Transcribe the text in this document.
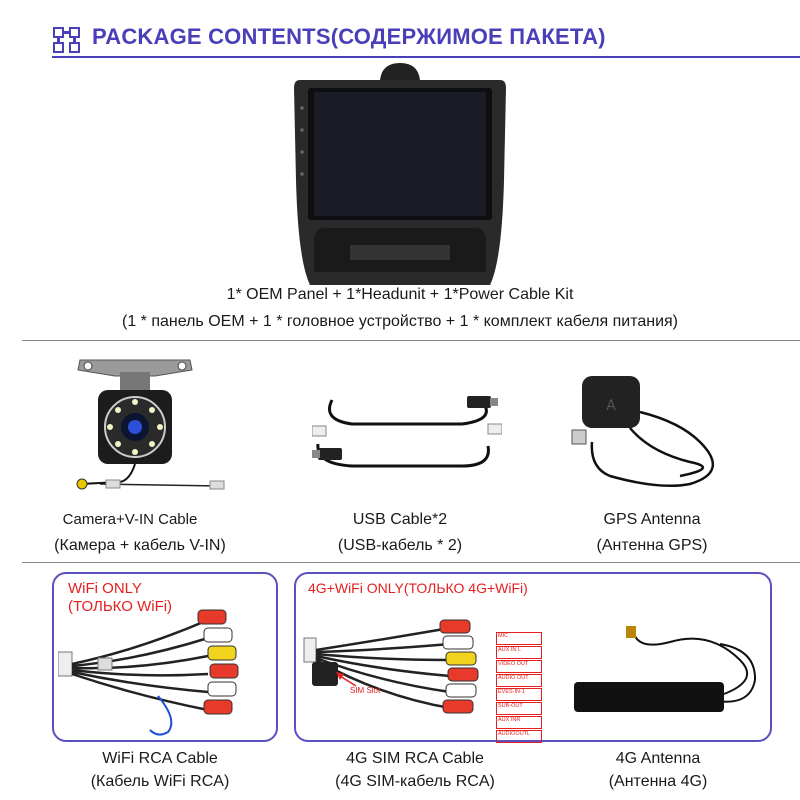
PACKAGE CONTENTS(СОДЕРЖИМОЕ ПАКЕТА)
1* OEM Panel + 1*Headunit + 1*Power Cable Kit
(1 * панель OEM + 1 * головное устройство + 1 * комплект кабеля питания)
A
Camera+V-IN Cable
(Камера + кабель V-IN)
USB Cable*2
(USB-кабель * 2)
GPS Antenna
(Антенна GPS)
WiFi ONLY
(ТОЛЬКО WiFi)
4G+WiFi ONLY(ТОЛЬКО 4G+WiFi)
SIM Slot
MIC
AUX IN L
VIDEO OUT
AUDIO OUT
EVES-IN-1
SUB-OUT
AUX INR
AUDIOOUTL
WiFi RCA Cable
(Кабель WiFi RCA)
4G SIM RCA Cable
(4G SIM-кабель RCA)
4G Antenna
(Антенна 4G)
